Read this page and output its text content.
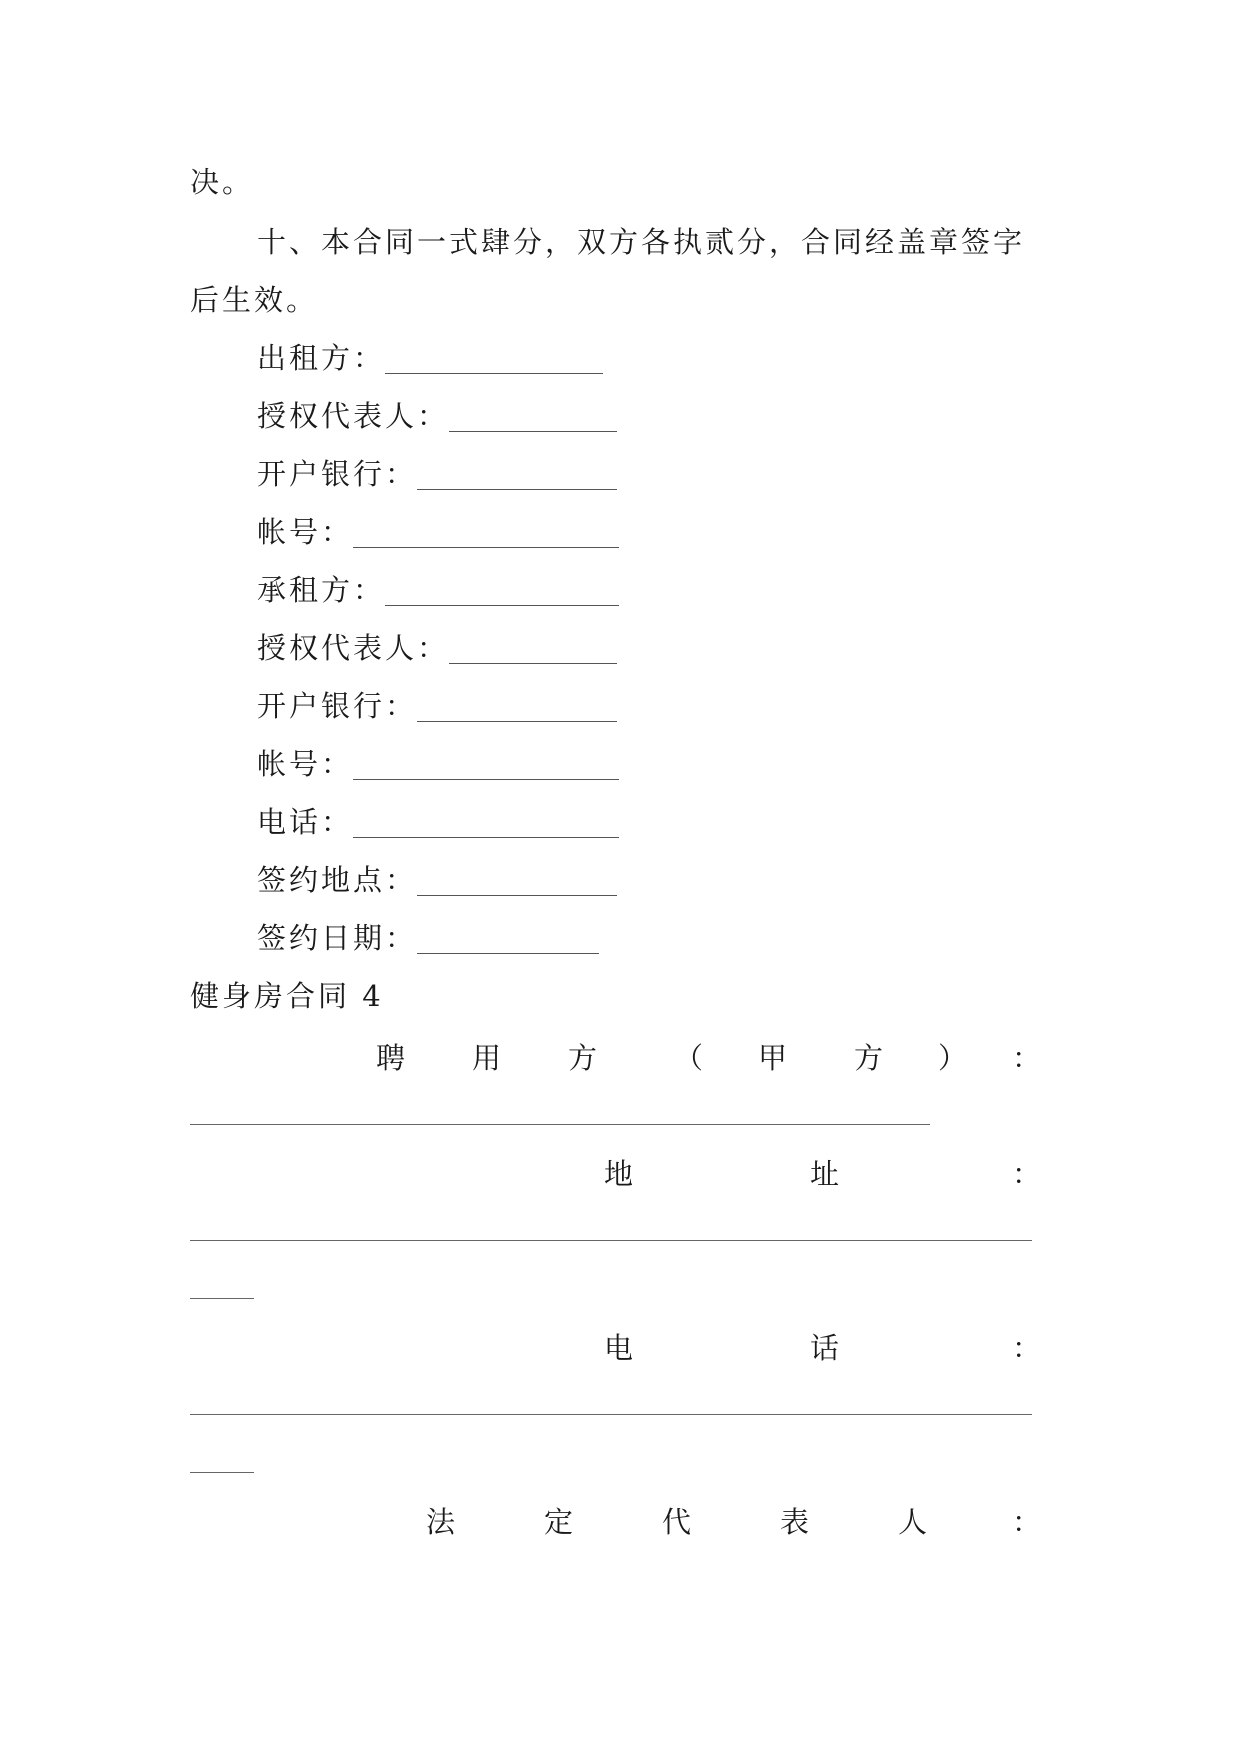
决。
十、本合同一式肆分，双方各执贰分，合同经盖章签字
后生效。
出租方：
授权代表人：
开户银行：
帐号：
承租方：
授权代表人：
开户银行：
帐号：
电话：
签约地点：
签约日期：
健身房合同 4
聘 用 方	（ 甲 方 ） ：
地	址	：
电	话	：
法	定	代	表	人	：
